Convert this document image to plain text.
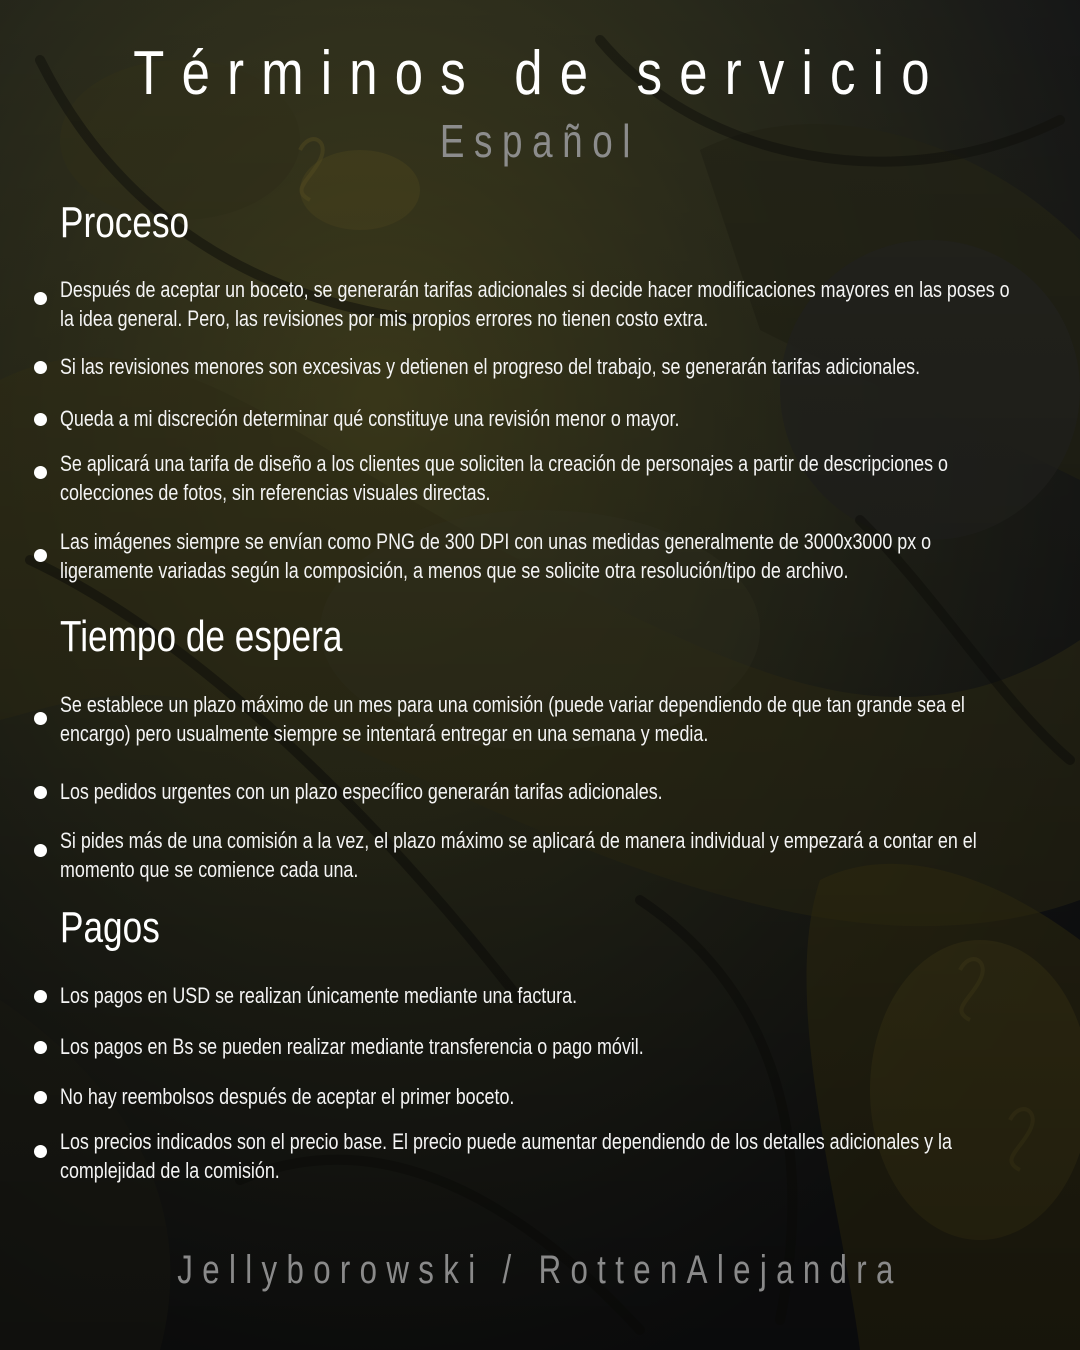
Términos de servicio
Español
Proceso
Después de aceptar un boceto, se generarán tarifas adicionales si decide hacer modificaciones mayores en las poses o la idea general. Pero, las revisiones por mis propios errores no tienen costo extra.
Si las revisiones menores son excesivas y detienen el progreso del trabajo, se generarán tarifas adicionales.
Queda a mi discreción determinar qué constituye una revisión menor o mayor.
Se aplicará una tarifa de diseño a los clientes que soliciten la creación de personajes a partir de descripciones o colecciones de fotos, sin referencias visuales directas.
Las imágenes siempre se envían como PNG de 300 DPI con unas medidas generalmente de 3000x3000 px o ligeramente variadas según la composición, a menos que se solicite otra resolución/tipo de archivo.
Tiempo de espera
Se establece un plazo máximo de un mes para una comisión (puede variar dependiendo de que tan grande sea el encargo) pero usualmente siempre se intentará entregar en una semana y media.
Los pedidos urgentes con un plazo específico generarán tarifas adicionales.
Si pides más de una comisión a la vez, el plazo máximo se aplicará de manera individual y empezará a contar en el momento que se comience cada una.
Pagos
Los pagos en USD se realizan únicamente mediante una factura.
Los pagos en Bs se pueden realizar mediante transferencia o pago móvil.
No hay reembolsos después de aceptar el primer boceto.
Los precios indicados son el precio base. El precio puede aumentar dependiendo de los detalles adicionales y la complejidad de la comisión.
Jellyborowski / RottenAlejandra
